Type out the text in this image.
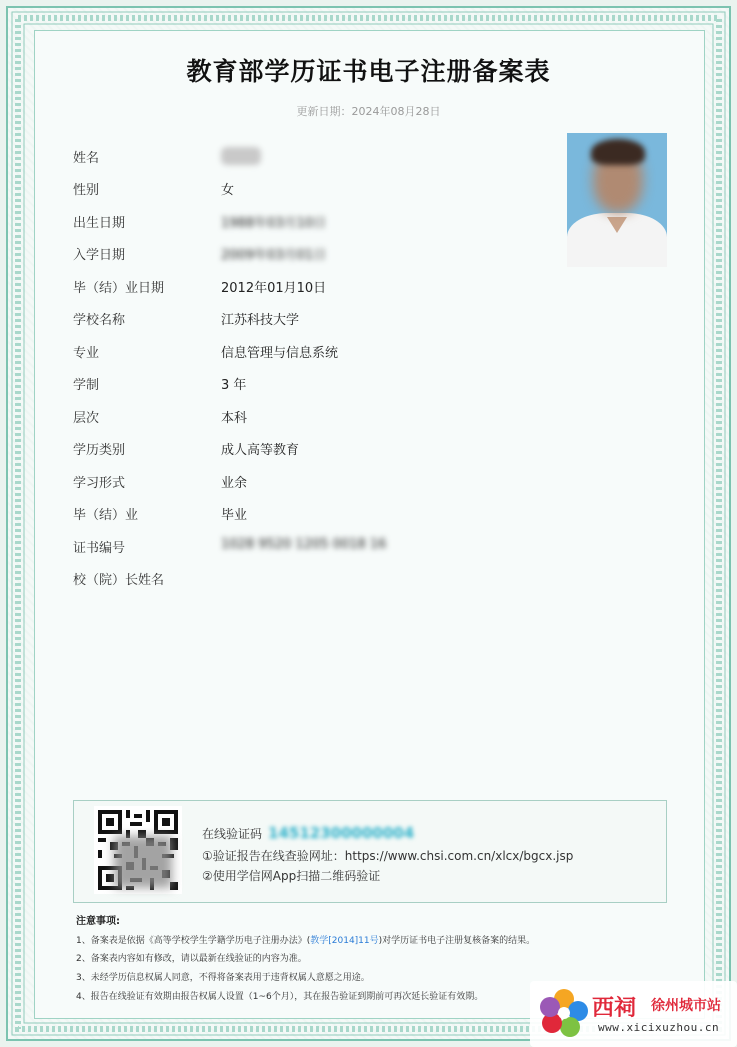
教育部学历证书电子注册备案表
更新日期：2024年08月28日
姓名
性别	女
出生日期	1988年03月10日
入学日期	2009年03月01日
毕（结）业日期	2012年01月10日
学校名称	江苏科技大学
专业	信息管理与信息系统
学制	3 年
层次	本科
学历类别	成人高等教育
学习形式	业余
毕（结）业	毕业
证书编号	1028 9520 1205 0018 16
校（院）长姓名
在线验证码 14512300000004
①验证报告在线查验网址：https://www.chsi.com.cn/xlcx/bgcx.jsp
②使用学信网App扫描二维码验证
注意事项:
1、备案表是依据《高等学校学生学籍学历电子注册办法》(教学[2014]11号)对学历证书电子注册复核备案的结果。
2、备案表内容如有修改，请以最新在线验证的内容为准。
3、未经学历信息权属人同意，不得将备案表用于违背权属人意愿之用途。
4、报告在线验证有效期由报告权属人设置（1~6个月），其在报告验证到期前可再次延长验证有效期。	西祠 徐州城市站
www.xicixuzhou.cn
